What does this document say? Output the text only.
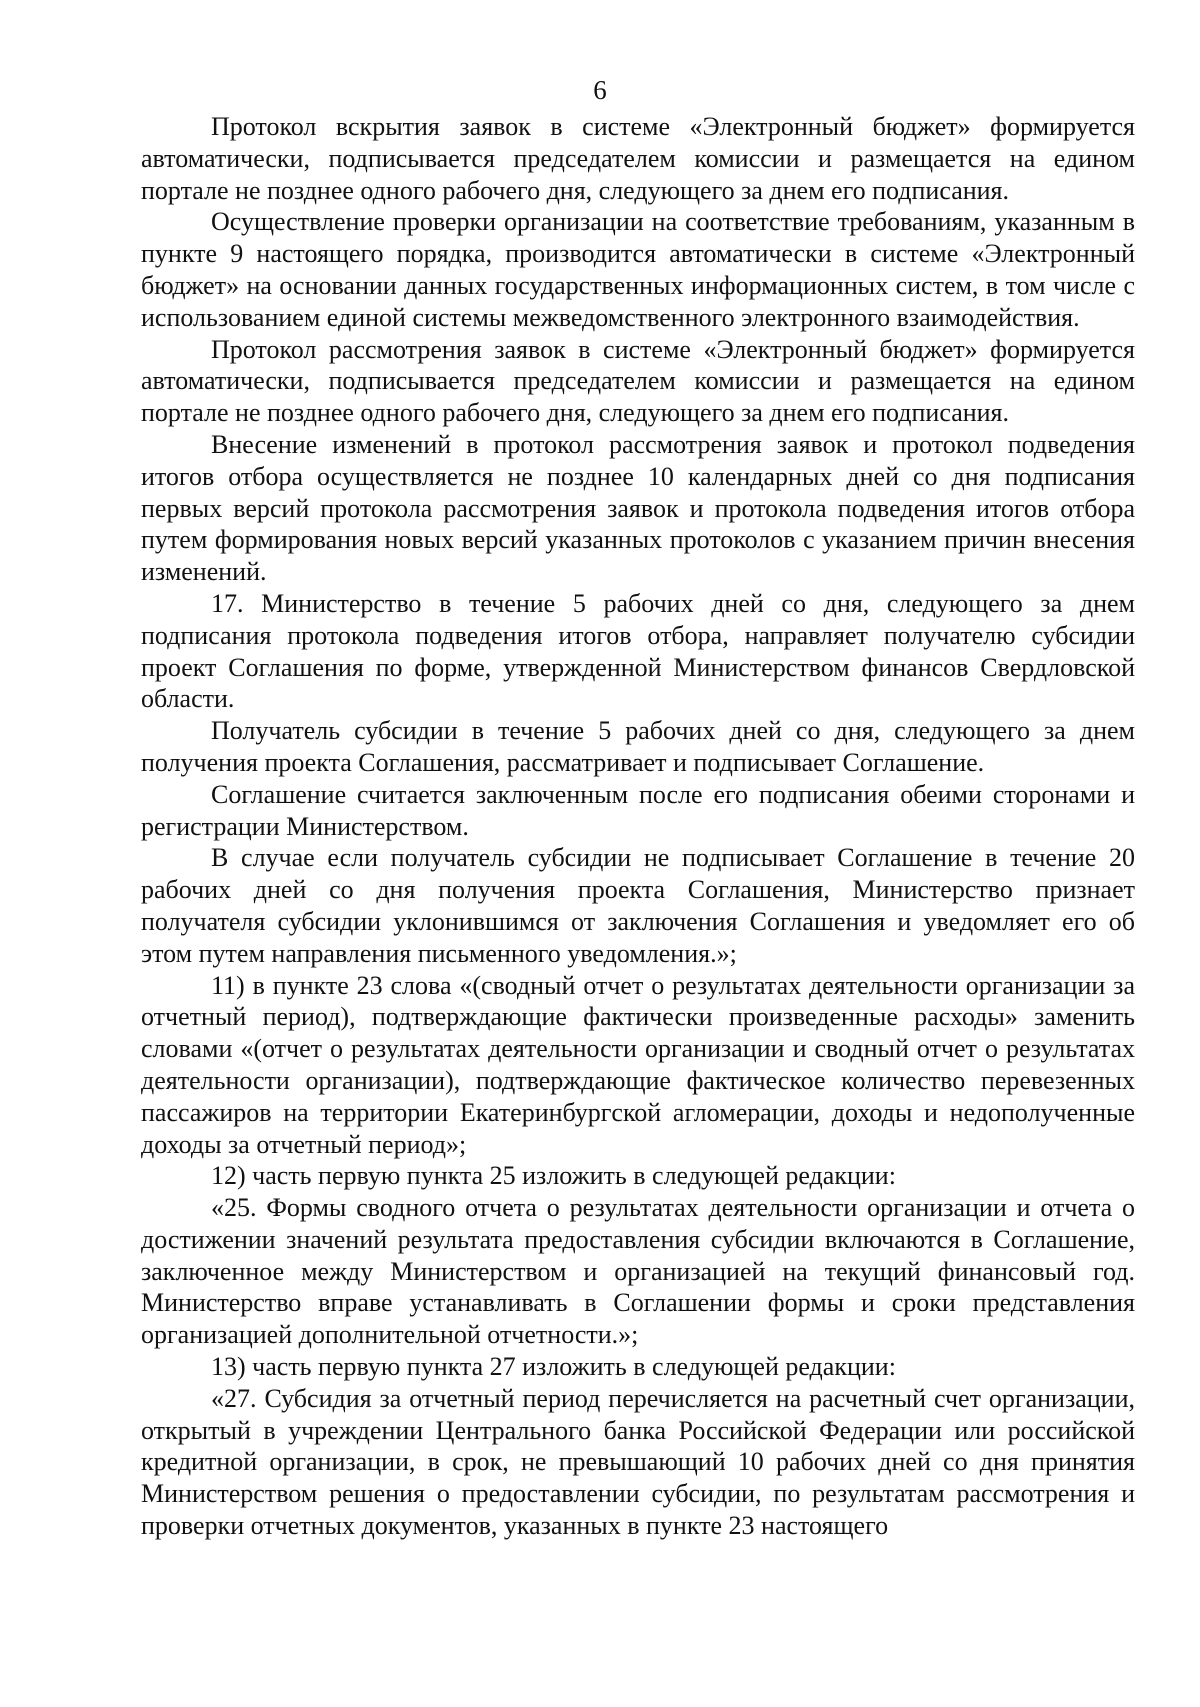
6

Протокол вскрытия заявок в системе «Электронный бюджет» формируется автоматически, подписывается председателем комиссии и размещается на едином портале не позднее одного рабочего дня, следующего за днем его подписания.

Осуществление проверки организации на соответствие требованиям, указанным в пункте 9 настоящего порядка, производится автоматически в системе «Электронный бюджет» на основании данных государственных информационных систем, в том числе с использованием единой системы межведомственного электронного взаимодействия.

Протокол рассмотрения заявок в системе «Электронный бюджет» формируется автоматически, подписывается председателем комиссии и размещается на едином портале не позднее одного рабочего дня, следующего за днем его подписания.

Внесение изменений в протокол рассмотрения заявок и протокол подведения итогов отбора осуществляется не позднее 10 календарных дней со дня подписания первых версий протокола рассмотрения заявок и протокола подведения итогов отбора путем формирования новых версий указанных протоколов с указанием причин внесения изменений.

17. Министерство в течение 5 рабочих дней со дня, следующего за днем подписания протокола подведения итогов отбора, направляет получателю субсидии проект Соглашения по форме, утвержденной Министерством финансов Свердловской области.

Получатель субсидии в течение 5 рабочих дней со дня, следующего за днем получения проекта Соглашения, рассматривает и подписывает Соглашение.

Соглашение считается заключенным после его подписания обеими сторонами и регистрации Министерством.

В случае если получатель субсидии не подписывает Соглашение в течение 20 рабочих дней со дня получения проекта Соглашения, Министерство признает получателя субсидии уклонившимся от заключения Соглашения и уведомляет его об этом путем направления письменного уведомления.»;

11) в пункте 23 слова «(сводный отчет о результатах деятельности организации за отчетный период), подтверждающие фактически произведенные расходы» заменить словами «(отчет о результатах деятельности организации и сводный отчет о результатах деятельности организации), подтверждающие фактическое количество перевезенных пассажиров на территории Екатеринбургской агломерации, доходы и недополученные доходы за отчетный период»;

12) часть первую пункта 25 изложить в следующей редакции:

«25. Формы сводного отчета о результатах деятельности организации и отчета о достижении значений результата предоставления субсидии включаются в Соглашение, заключенное между Министерством и организацией на текущий финансовый год. Министерство вправе устанавливать в Соглашении формы и сроки представления организацией дополнительной отчетности.»;

13) часть первую пункта 27 изложить в следующей редакции:

«27. Субсидия за отчетный период перечисляется на расчетный счет организации, открытый в учреждении Центрального банка Российской Федерации или российской кредитной организации, в срок, не превышающий 10 рабочих дней со дня принятия Министерством решения о предоставлении субсидии, по результатам рассмотрения и проверки отчетных документов, указанных в пункте 23 настоящего
